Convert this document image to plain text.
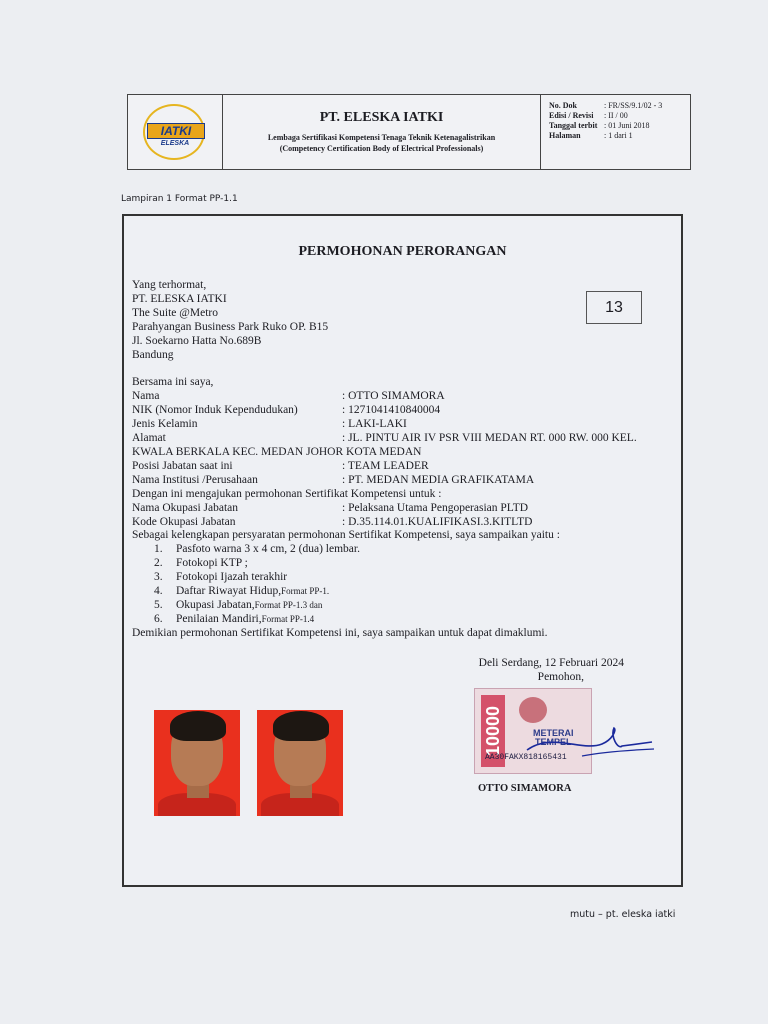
IATKI
ELESKA
PT. ELESKA IATKI
Lembaga Sertifikasi Kompetensi Tenaga Teknik Ketenagalistrikan
(Competency Certification Body of Electrical Professionals)
No. Dok	: FR/SS/9.1/02 - 3
Edisi / Revisi	: II / 00
Tanggal terbit : 01 Juni 2018
Halaman	: 1 dari 1
Lampiran 1 Format PP-1.1
PERMOHONAN PERORANGAN
13
Yang terhormat,
PT. ELESKA IATKI
The Suite @Metro
Parahyangan Business Park Ruko OP. B15
Jl. Soekarno Hatta No.689B
Bandung
Bersama ini saya,
Nama	: OTTO SIMAMORA
NIK (Nomor Induk Kependudukan)	: 1271041410840004
Jenis Kelamin	: LAKI-LAKI
Alamat	: JL. PINTU AIR IV PSR VIII MEDAN RT. 000 RW. 000 KEL.
KWALA BERKALA KEC. MEDAN JOHOR KOTA MEDAN
Posisi Jabatan saat ini	: TEAM LEADER
Nama Institusi /Perusahaan	: PT. MEDAN MEDIA GRAFIKATAMA
Dengan ini mengajukan permohonan Sertifikat Kompetensi untuk :
Nama Okupasi Jabatan	: Pelaksana Utama Pengoperasian PLTD
Kode Okupasi Jabatan	: D.35.114.01.KUALIFIKASI.3.KITLTD
Sebagai kelengkapan persyaratan permohonan Sertifikat Kompetensi, saya sampaikan yaitu :
1.	Pasfoto warna 3 x 4 cm, 2 (dua) lembar.
2.	Fotokopi KTP ;
3.	Fotokopi Ijazah terakhir
4.	Daftar Riwayat Hidup, Format PP-1.
5.	Okupasi Jabatan, Format PP-1.3 dan
6.	Penilaian Mandiri, Format PP-1.4
Demikian permohonan Sertifikat Kompetensi ini, saya sampaikan untuk dapat dimaklumi.
Deli Serdang, 12 Februari 2024
Pemohon,
10000	METERAI
TEMPEL
AA30FAKX818165431
OTTO SIMAMORA
mutu – pt. eleska iatki
